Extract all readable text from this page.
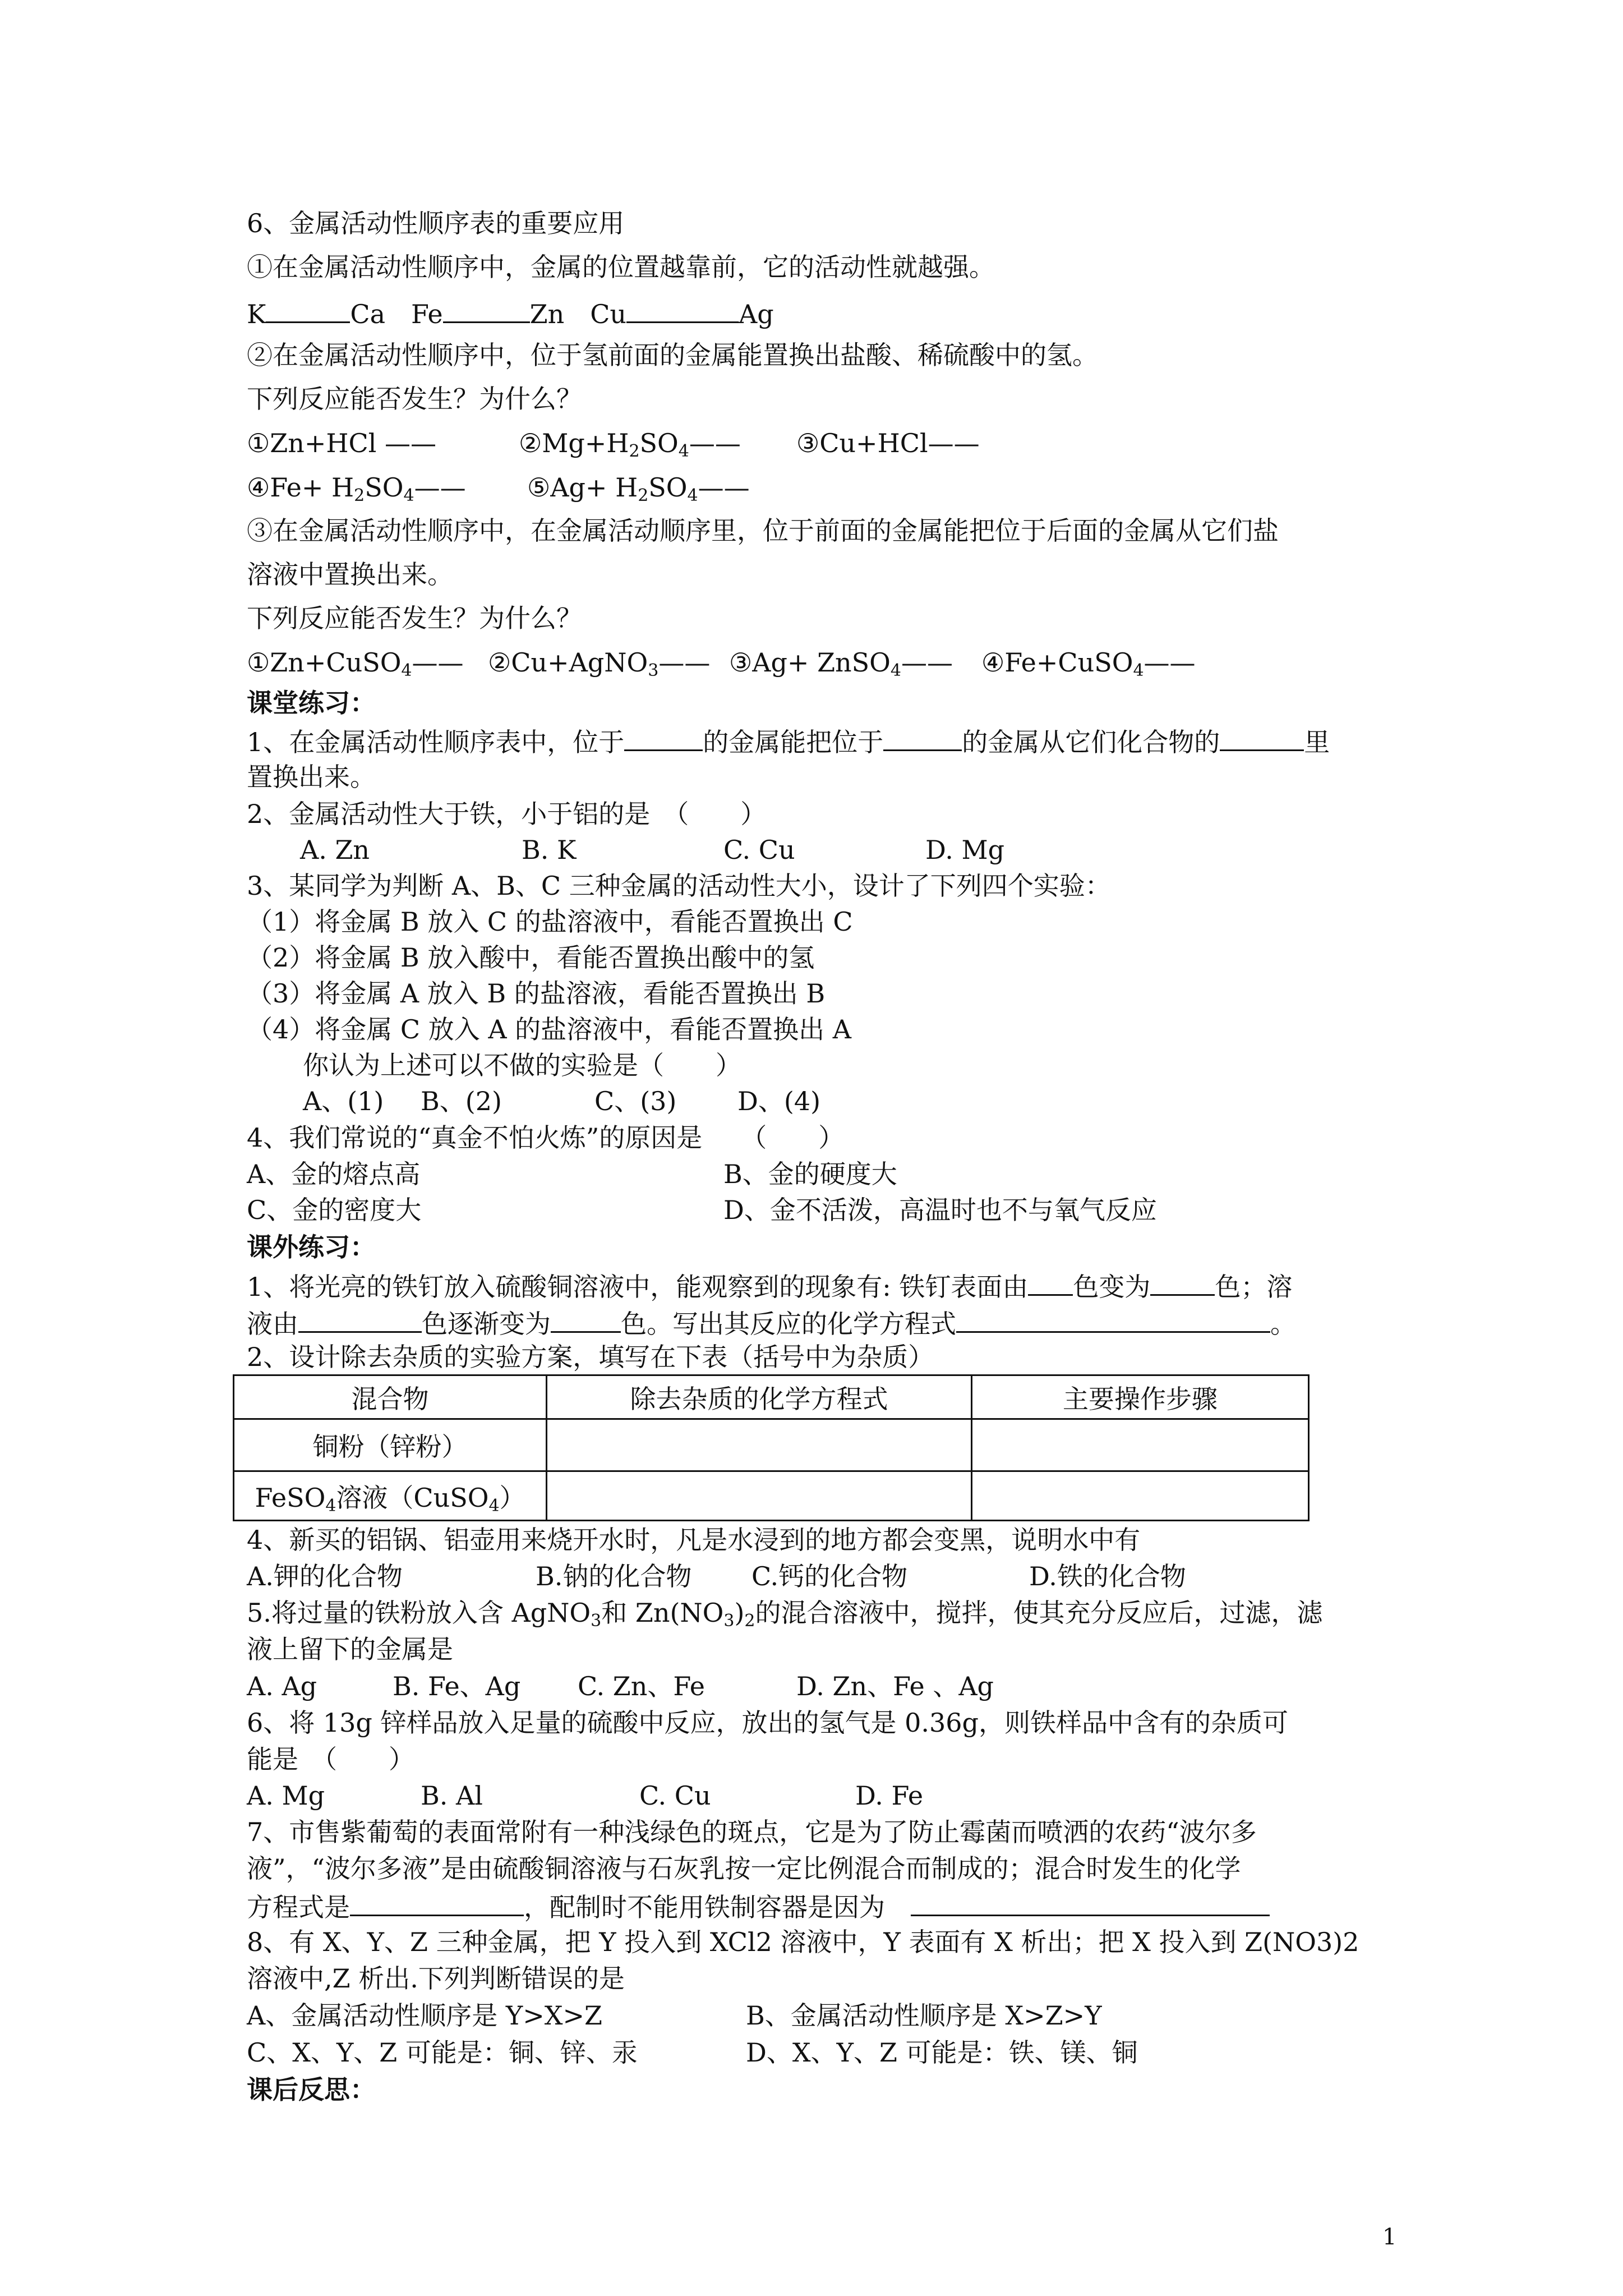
6、金属活动性顺序表的重要应用
①在金属活动性顺序中，金属的位置越靠前，它的活动性就越强。
K	Ca　 Fe	Zn　 Cu	Ag
②在金属活动性顺序中，位于氢前面的金属能置换出盐酸、稀硫酸中的氢。
下列反应能否发生？为什么？
①Zn+HCl ——	$②Mg+H_2SO_4——$ ③Cu+HCl——
④Fe+ $H_2SO_4——$ ⑤Ag+ $H_2SO_4——$
③在金属活动性顺序中，在金属活动顺序里，位于前面的金属能把位于后面的金属从它们盐
溶液中置换出来。
下列反应能否发生？为什么？
①Zn+CuSO$_4$—— ②Cu+AgNO$_3$—— ③Ag+ ZnSO$_4$—— ④Fe+CuSO$_4$——
课堂练习：
1、在金属活动性顺序表中，位于	的金属能把位于	的金属从它们化合物的	里
置换出来。
2、金属活动性大于铁，小于铝的是　（　　）
A. Zn	B. K	C. Cu	D. Mg
3、某同学为判断 A、B、C 三种金属的活动性大小，设计了下列四个实验：
（1）将金属 B 放入 C 的盐溶液中，看能否置换出 C
（2）将金属 B 放入酸中，看能否置换出酸中的氢
（3）将金属 A 放入 B 的盐溶液，看能否置换出 B
（4）将金属 C 放入 A 的盐溶液中，看能否置换出 A
你认为上述可以不做的实验是（　　）
A、(1) B、(2)	C、(3) D、(4)
4、我们常说的“真金不怕火炼”的原因是　　（　　）
A、金的熔点高	B、金的硬度大
C、金的密度大	D、金不活泼，高温时也不与氧气反应
课外练习：
1、将光亮的铁钉放入硫酸铜溶液中，能观察到的现象有: 铁钉表面由 色变为	色；溶
液由	色逐渐变为	色。写出其反应的化学方程式	。
2、设计除去杂质的实验方案，填写在下表（括号中为杂质）
混合物	除去杂质的化学方程式	主要操作步骤
铜粉（锌粉）		
FeSO$_4$溶液（CuSO$_4$）		
4、新买的铝锅、铝壶用来烧开水时，凡是水浸到的地方都会变黑，说明水中有
A.钾的化合物	B.钠的化合物 C.钙的化合物	D.铁的化合物
5.将过量的铁粉放入含 AgNO$_3$和 $Zn(NO_3)_2$的混合溶液中，搅拌，使其充分反应后，过滤，滤
液上留下的金属是
A. Ag	B. Fe、Ag C. Zn、Fe	D. Zn、Fe 、Ag
6、将 13g 锌样品放入足量的硫酸中反应，放出的氢气是 0.36g，则铁样品中含有的杂质可
能是　（　　）
A. Mg	B. Al	C. Cu	D. Fe
7、市售紫葡萄的表面常附有一种浅绿色的斑点，它是为了防止霉菌而喷洒的农药“波尔多
液”，“波尔多液”是由硫酸铜溶液与石灰乳按一定比例混合而制成的；混合时发生的化学
方程式是	，配制时不能用铁制容器是因为　
8、有 X、Y、Z 三种金属，把 Y 投入到 XCl2 溶液中，Y 表面有 X 析出；把 X 投入到 Z(NO3)2
溶液中,Z 析出.下列判断错误的是
A、金属活动性顺序是 Y>X>Z	B、金属活动性顺序是 X>Z>Y
C、X、Y、Z 可能是：铜、锌、汞	D、X、Y、Z 可能是：铁、镁、铜
课后反思：
1
